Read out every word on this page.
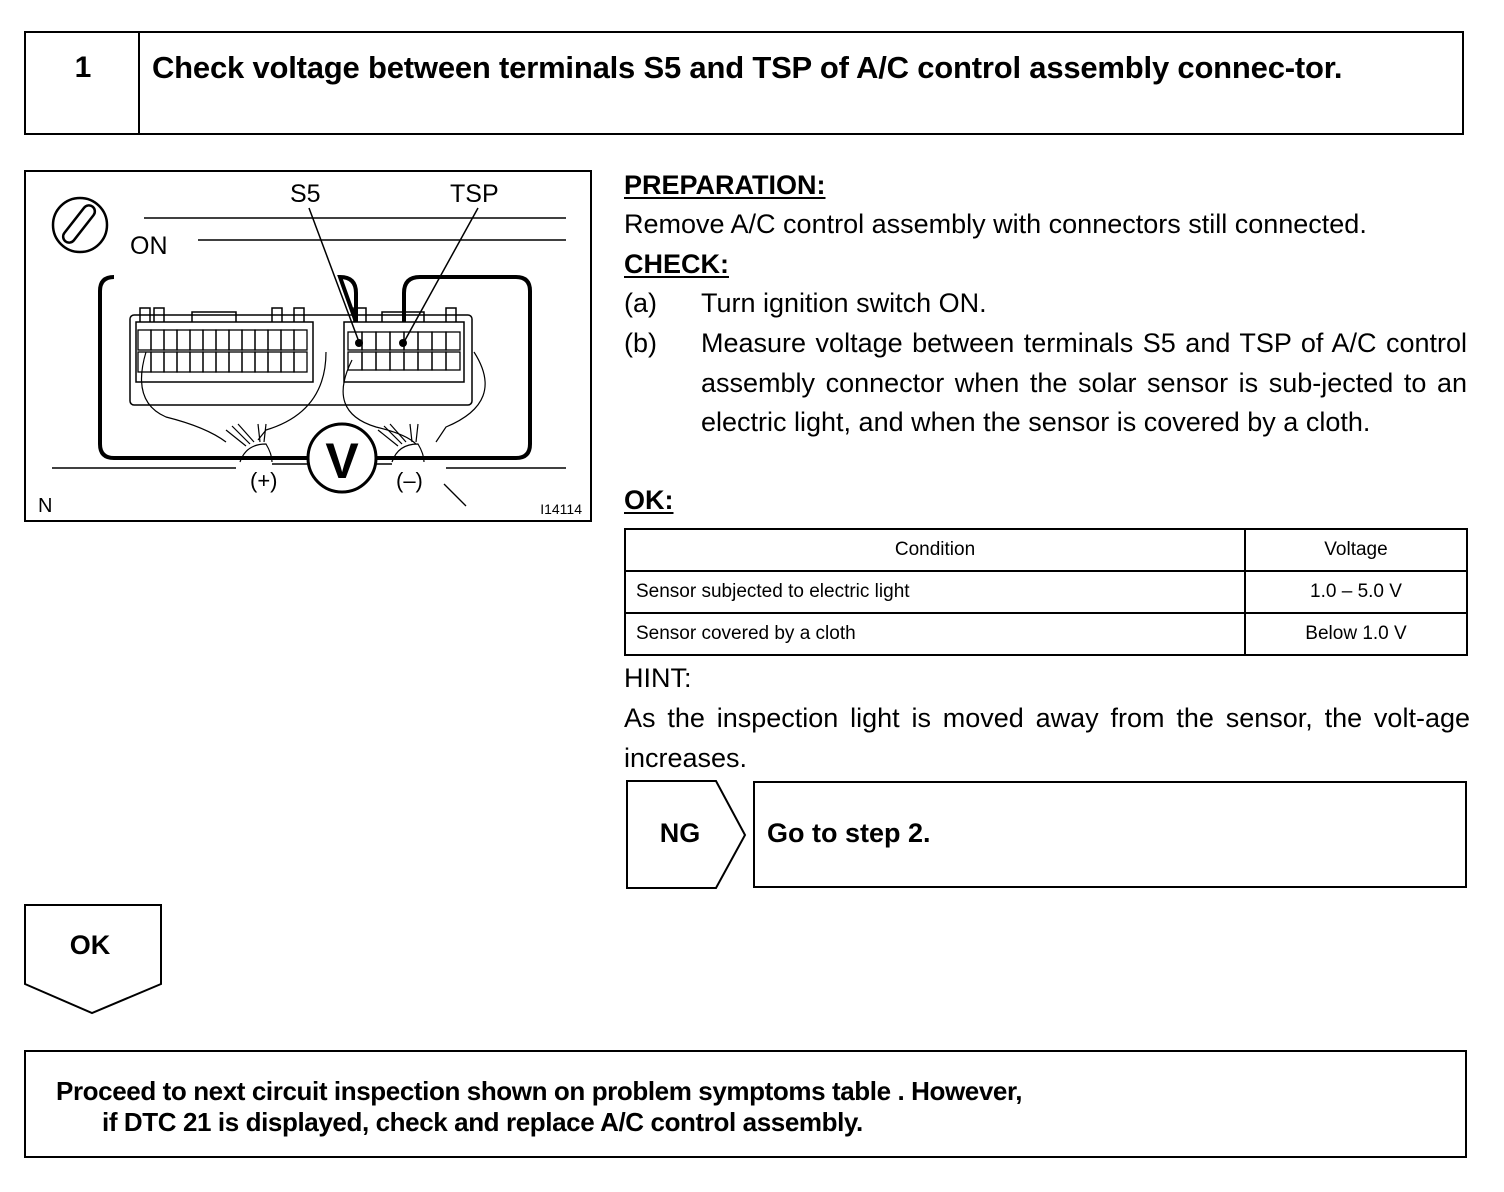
1	Check voltage between terminals S5 and TSP of A/C control assembly connec-tor.
ON
S5	TSP
V
(+)	(–)
N	I14114
PREPARATION:
Remove A/C control assembly with connectors still connected.
CHECK:
(a) Turn ignition switch ON.
(b) Measure voltage between terminals S5 and TSP of A/C control assembly connector when the solar sensor is sub-jected to an electric light, and when the sensor is covered by a cloth.
OK:
Condition	Voltage
Sensor subjected to electric light	1.0 – 5.0 V
Sensor covered by a cloth	Below 1.0 V
HINT:
As the inspection light is moved away from the sensor, the volt-age increases.
NG	Go to step 2.
OK
Proceed to next circuit inspection shown on problem symptoms table . However,
if DTC 21 is displayed, check and replace A/C control assembly.
